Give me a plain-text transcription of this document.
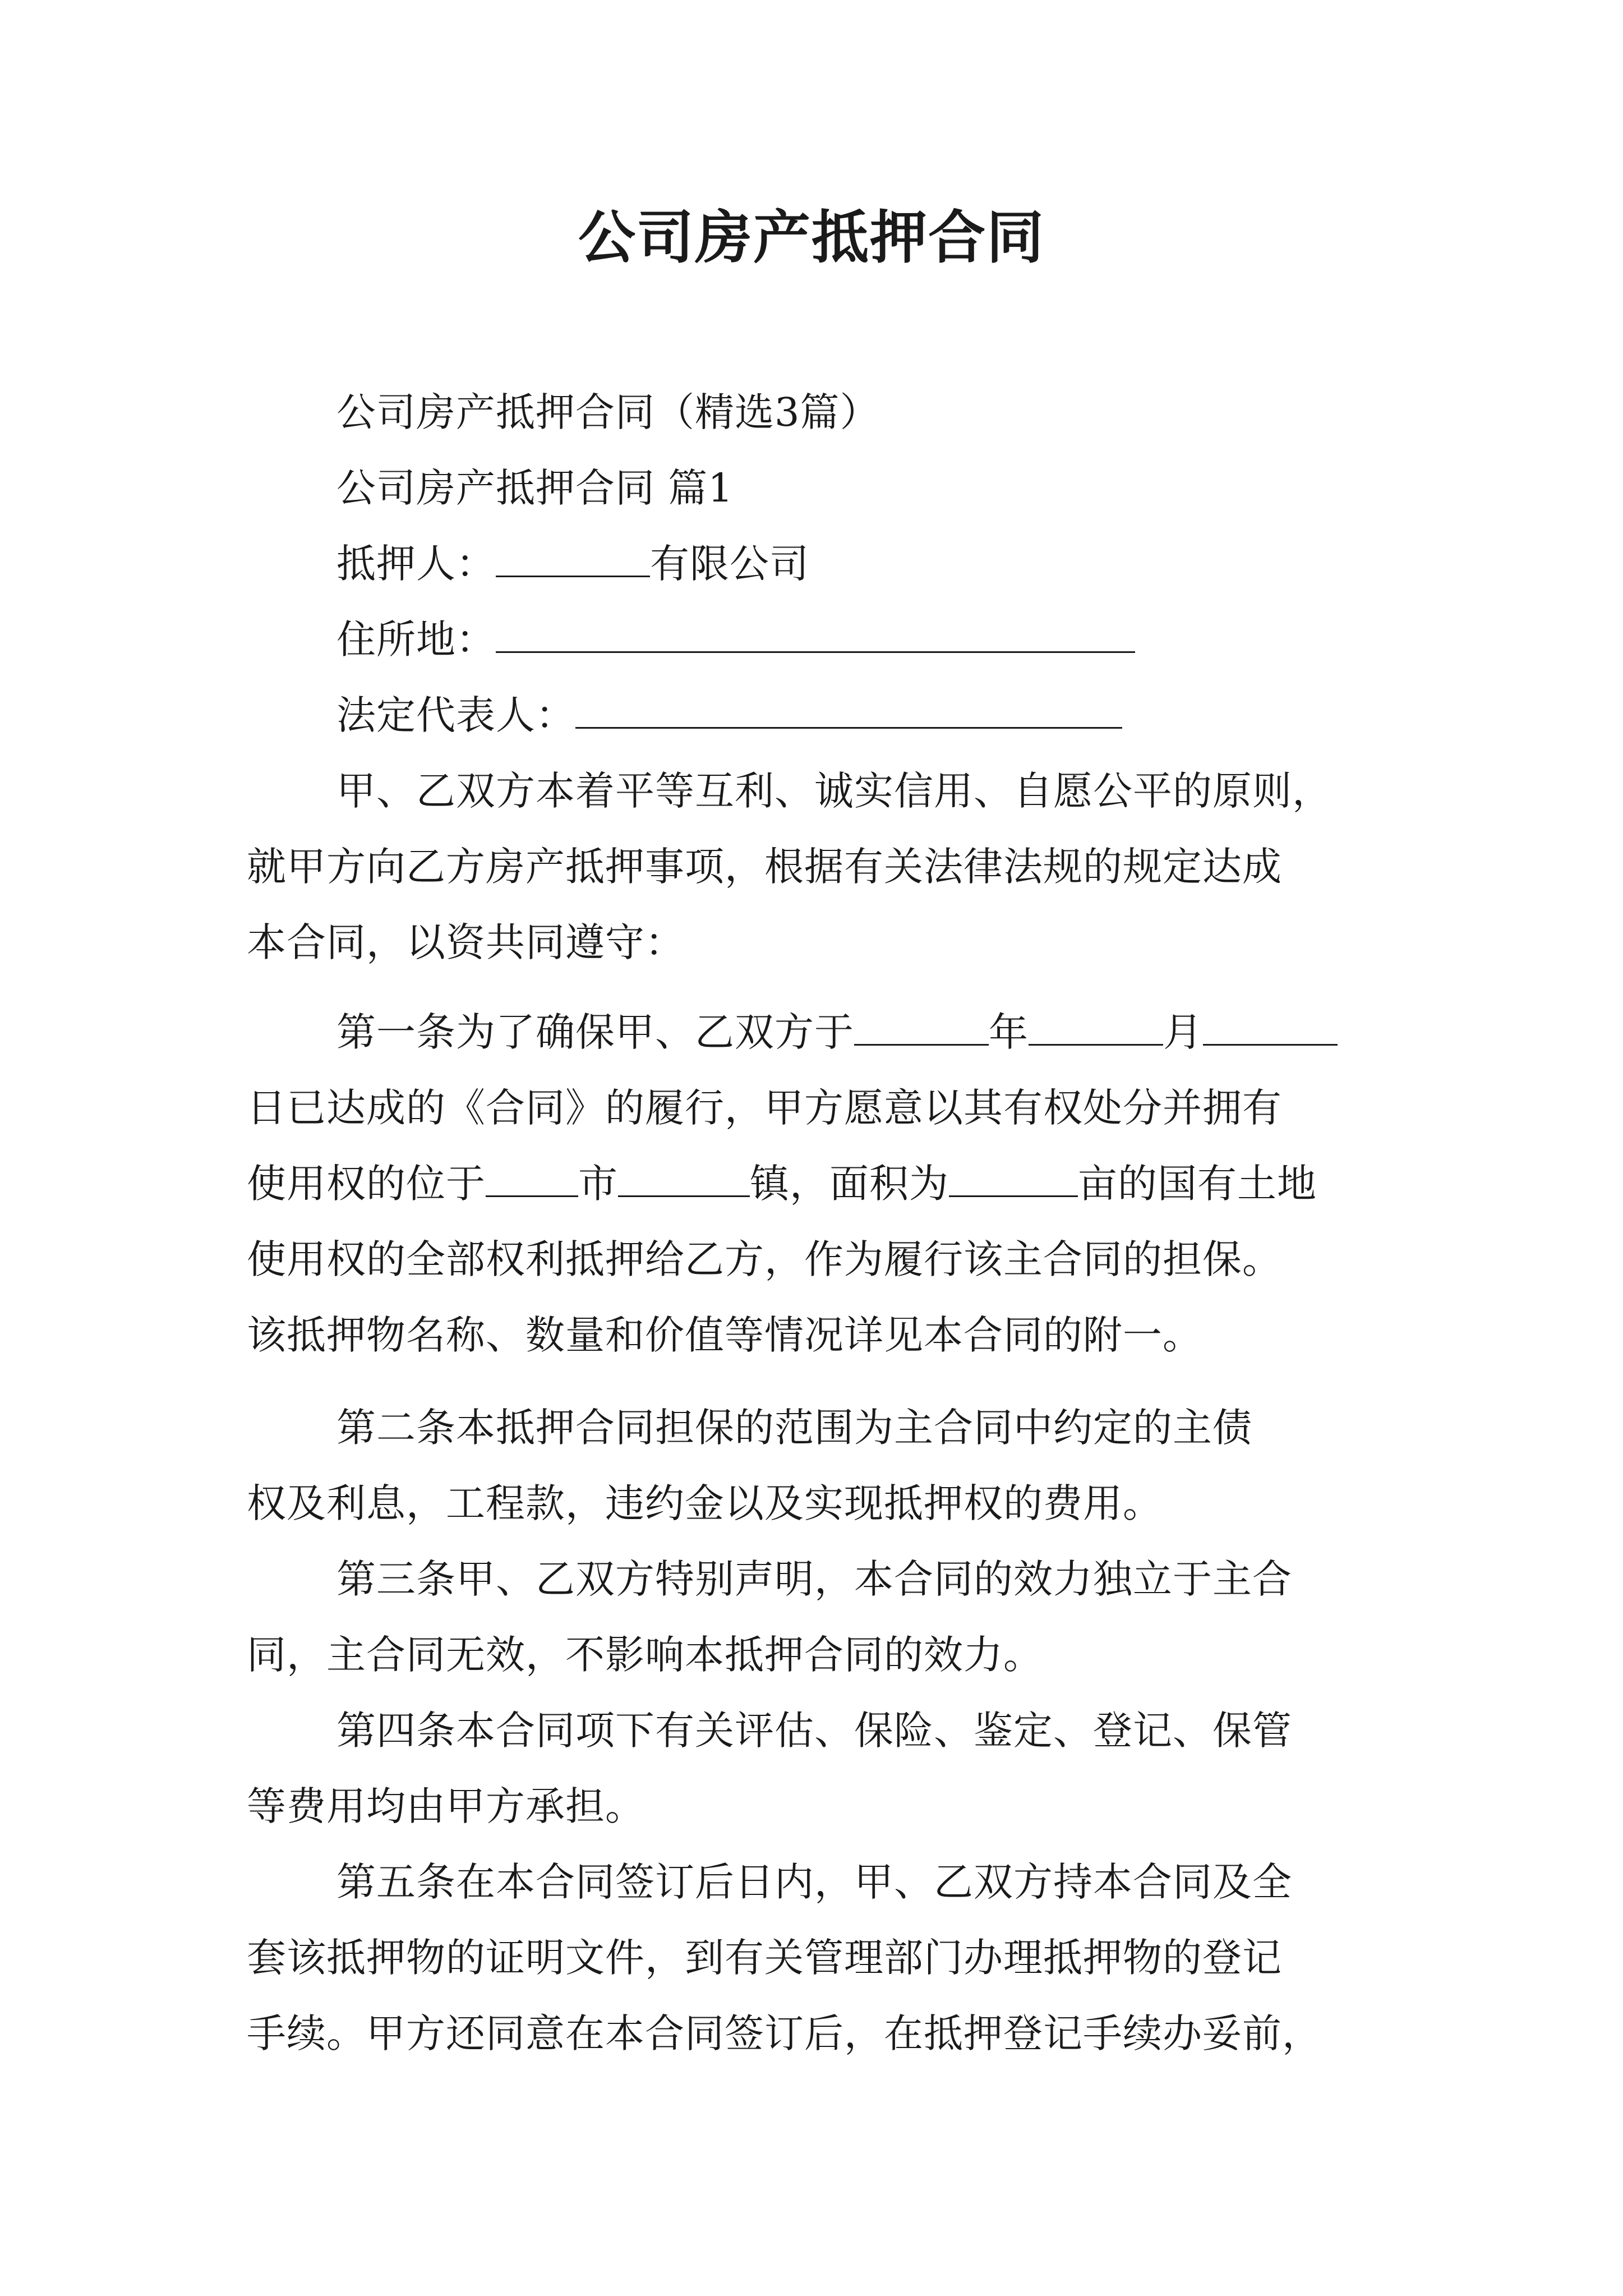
公司房产抵押合同
公司房产抵押合同（精选3篇）
公司房产抵押合同 篇1
抵押人：	有限公司
住所地：
法定代表人：
甲、乙双方本着平等互利、诚实信用、自愿公平的原则，
就甲方向乙方房产抵押事项，根据有关法律法规的规定达成
本合同，以资共同遵守：
第一条为了确保甲、乙双方于	年	月
日已达成的《合同》的履行，甲方愿意以其有权处分并拥有
使用权的位于 市	镇，面积为	亩的国有土地
使用权的全部权利抵押给乙方，作为履行该主合同的担保。
该抵押物名称、数量和价值等情况详见本合同的附一。
第二条本抵押合同担保的范围为主合同中约定的主债
权及利息，工程款，违约金以及实现抵押权的费用。
第三条甲、乙双方特别声明，本合同的效力独立于主合
同，主合同无效，不影响本抵押合同的效力。
第四条本合同项下有关评估、保险、鉴定、登记、保管
等费用均由甲方承担。
第五条在本合同签订后日内，甲、乙双方持本合同及全
套该抵押物的证明文件，到有关管理部门办理抵押物的登记
手续。甲方还同意在本合同签订后，在抵押登记手续办妥前，
